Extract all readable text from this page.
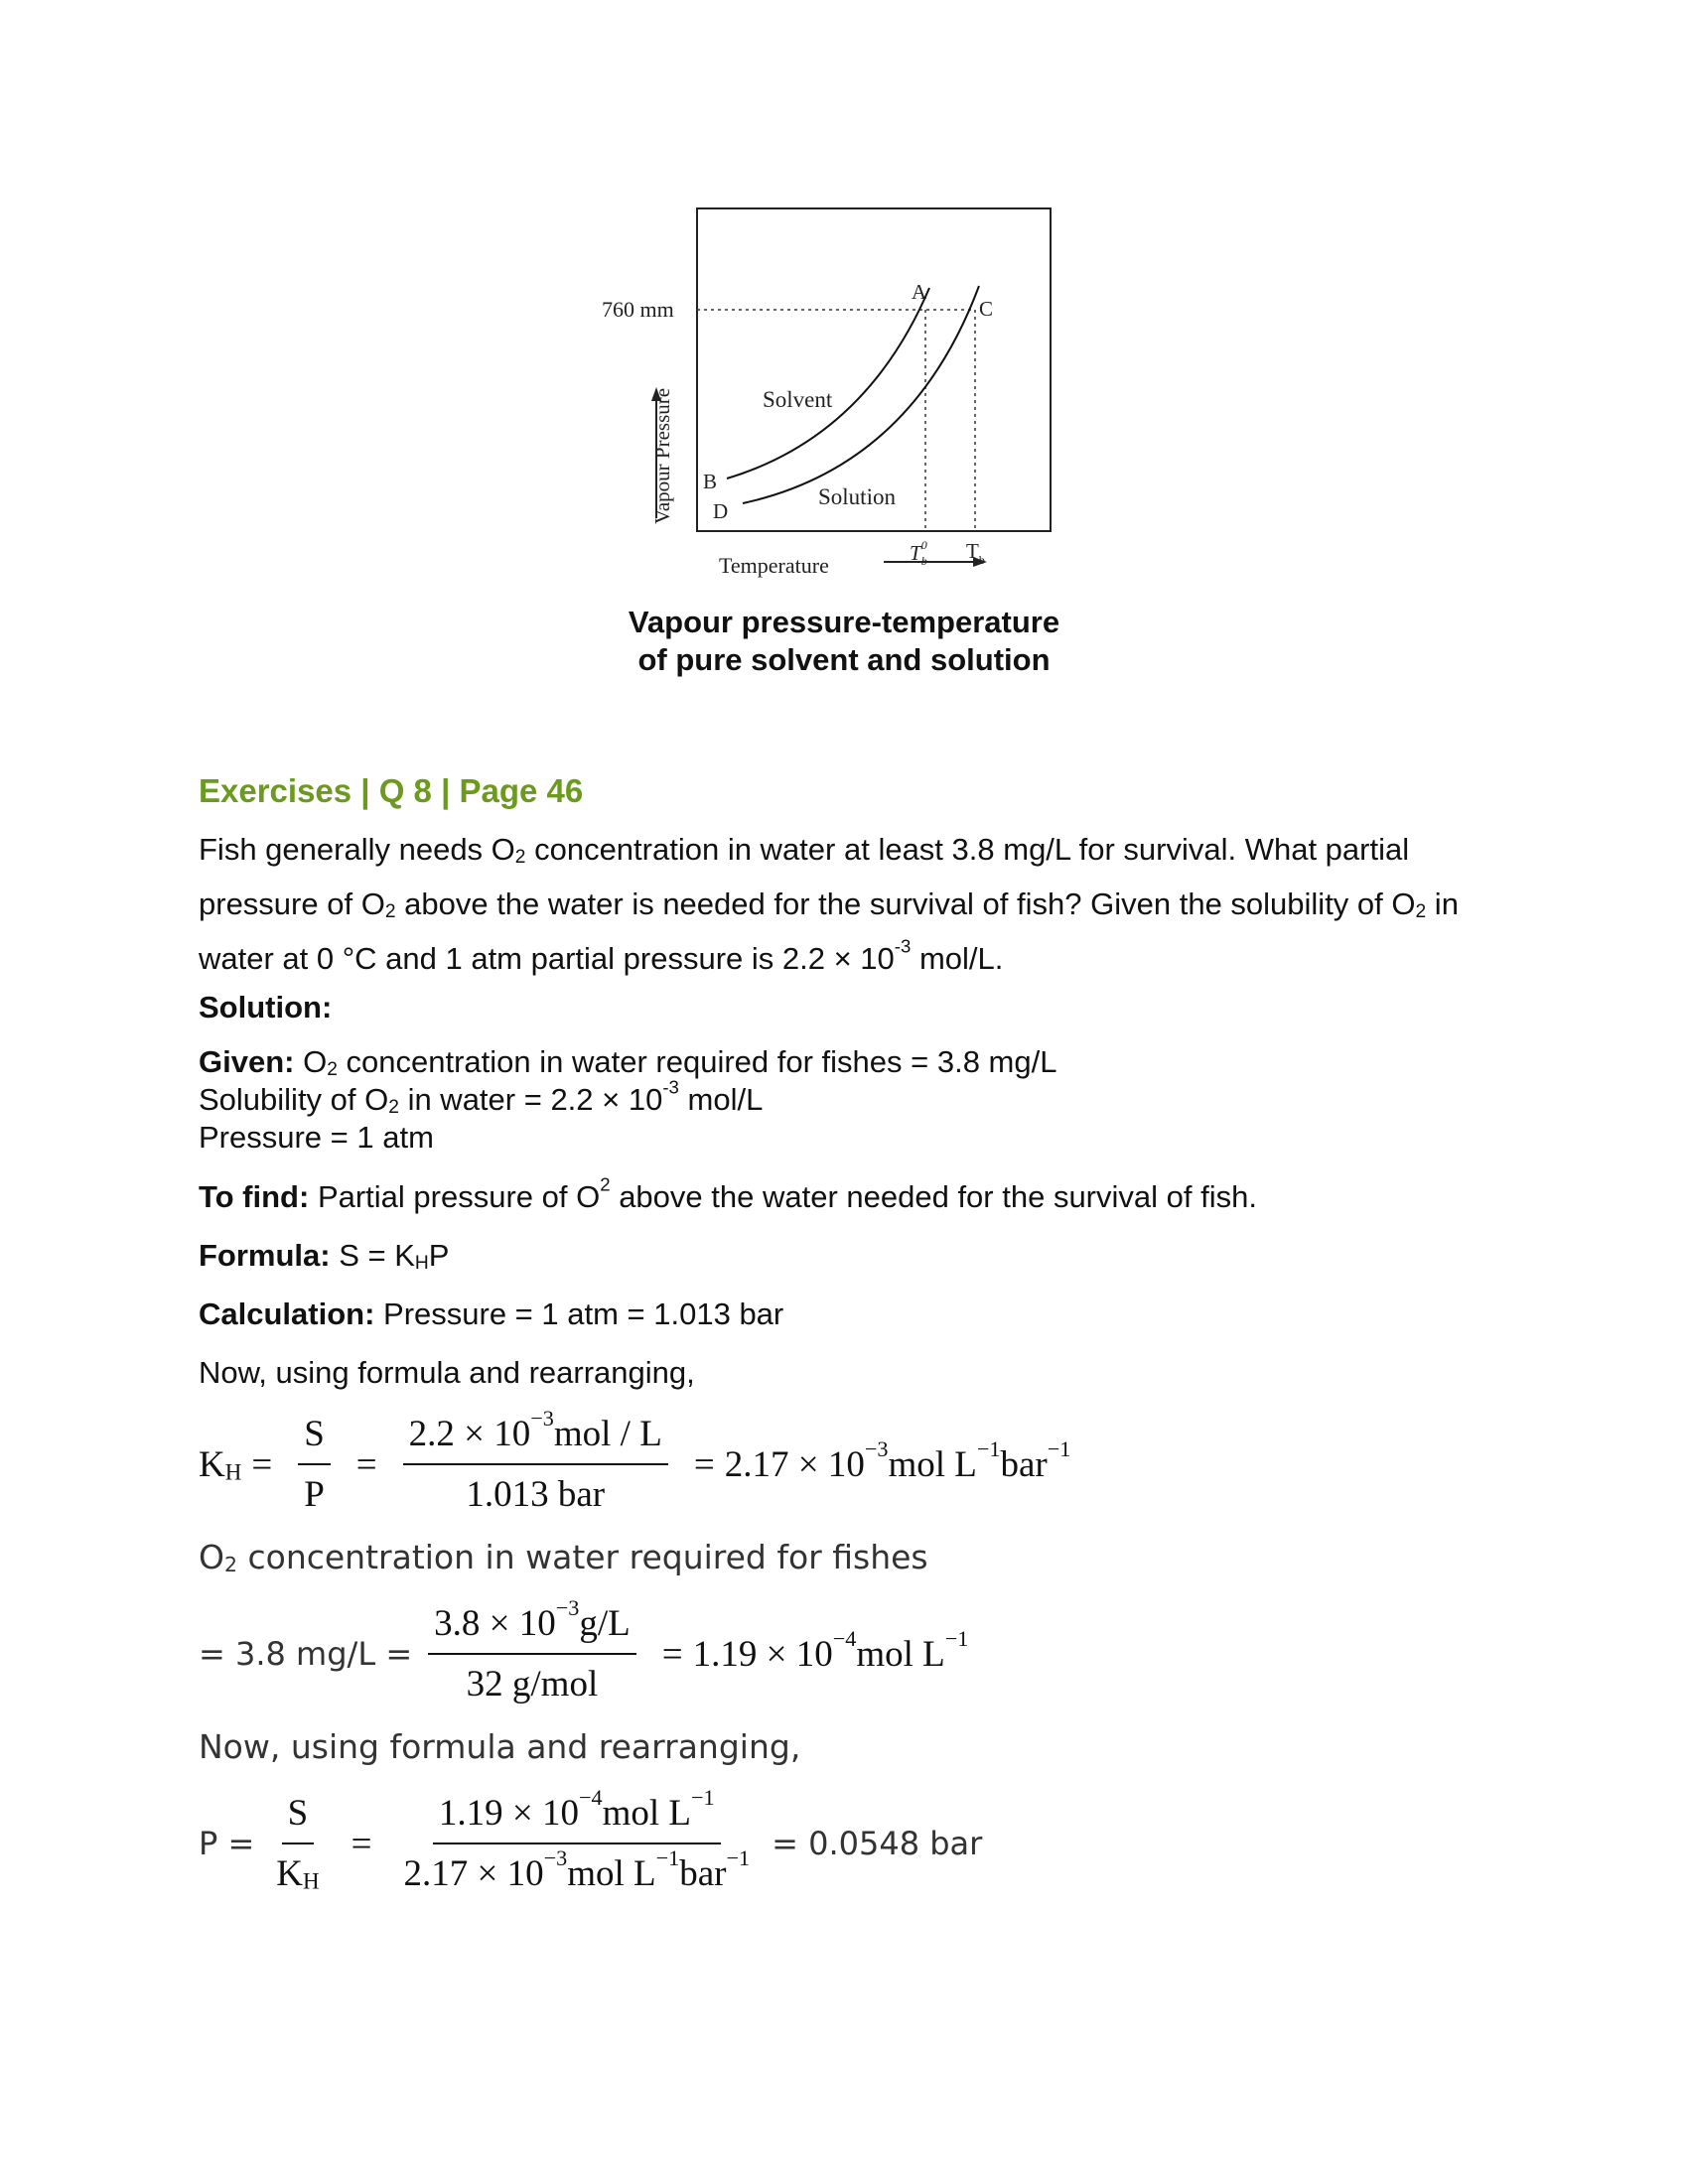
760 mm
Vapour Pressure
Temperature
A
C
B
D
Solvent
Solution
$T_b0$ $T_b$
Vapour pressure-temperature
of pure solvent and solution
Exercises | Q 8 | Page 46

Fish generally needs O2 concentration in water at least 3.8 mg/L for survival. What partial pressure of O2 above the water is needed for the survival of fish? Given the solubility of O2 in water at 0 °C and 1 atm partial pressure is $2.2 \times 10^{-3}$ mol/L.

Solution:
Given: O2 concentration in water required for fishes = 3.8 mg/L
Solubility of O2 in water = $2.2 \times 10^{-3}$ mol/L
Pressure = 1 atm
To find: Partial pressure of $O^2$ above the water needed for the survival of fish.
Formula: S = KHP
Calculation: Pressure = 1 atm = 1.013 bar
Now, using formula and rearranging,
KH = $\frac{S}{P} = \frac{2.2 \times 10^{-3}mol / L}{\text{1.013 bar}} = 2.17 \times 10^{-3}mol$ $L^{-1}bar^{-1}$
$O_2$ concentration in water required for fishes
= 3.8 $mg/L = \frac{3.8 \times 10^{-3}g/L}{\text{32 g/mol}} = 1.19 \times 10^{-4}mol$ $L^{-1}$
Now, using formula and rearranging,
$P = \frac{S}{KH} = \frac{1.19 \times 10^{-4}mol L^{-1}}{2.17 \times 10^{-3}mol L^{-1}bar^{-1}} = 0.0548$ bar
